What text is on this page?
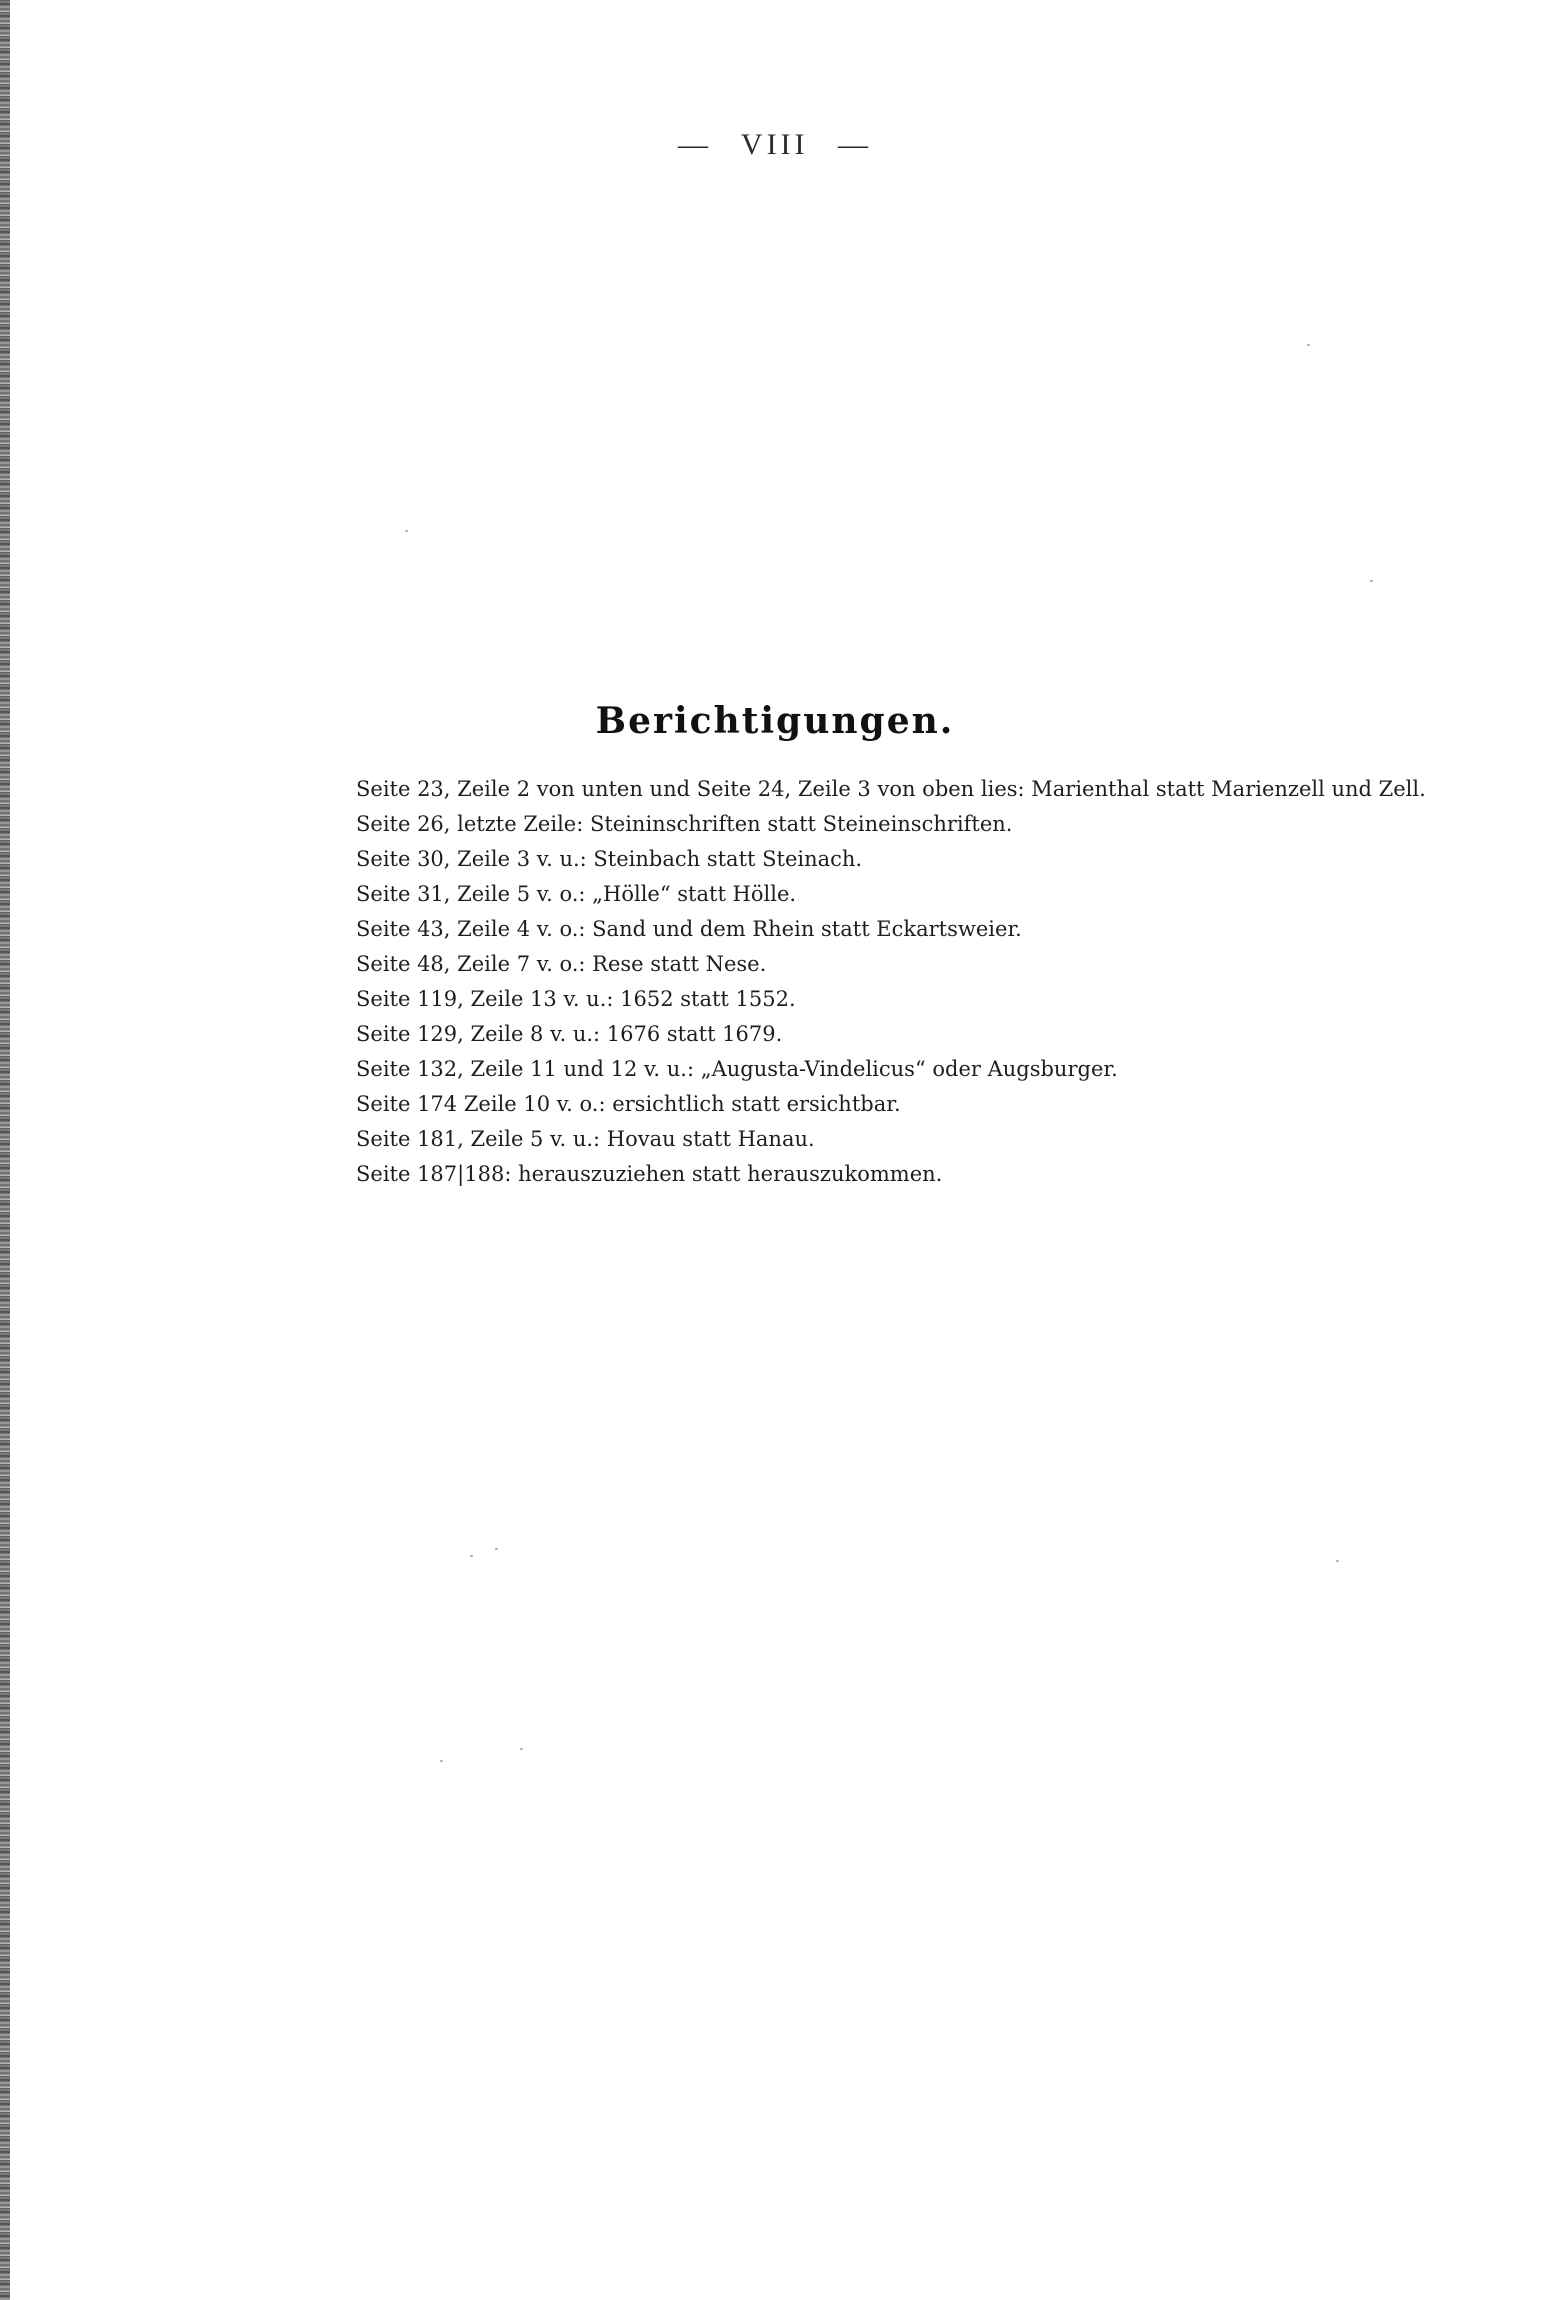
— VIII —
Berichtigungen.
Seite 23, Zeile 2 von unten und Seite 24, Zeile 3 von oben lies: Marienthal statt Marienzell und Zell.
Seite 26, letzte Zeile: Steininschriften statt Steineinschriften.
Seite 30, Zeile 3 v. u.: Steinbach statt Steinach.
Seite 31, Zeile 5 v. o.: „Hölle“ statt Hölle.
Seite 43, Zeile 4 v. o.: Sand und dem Rhein statt Eckartsweier.
Seite 48, Zeile 7 v. o.: Rese statt Nese.
Seite 119, Zeile 13 v. u.: 1652 statt 1552.
Seite 129, Zeile 8 v. u.: 1676 statt 1679.
Seite 132, Zeile 11 und 12 v. u.: „Augusta-Vindelicus“ oder Augsburger.
Seite 174 Zeile 10 v. o.: ersichtlich statt ersichtbar.
Seite 181, Zeile 5 v. u.: Hovau statt Hanau.
Seite 187|188: herauszuziehen statt herauszukommen.
